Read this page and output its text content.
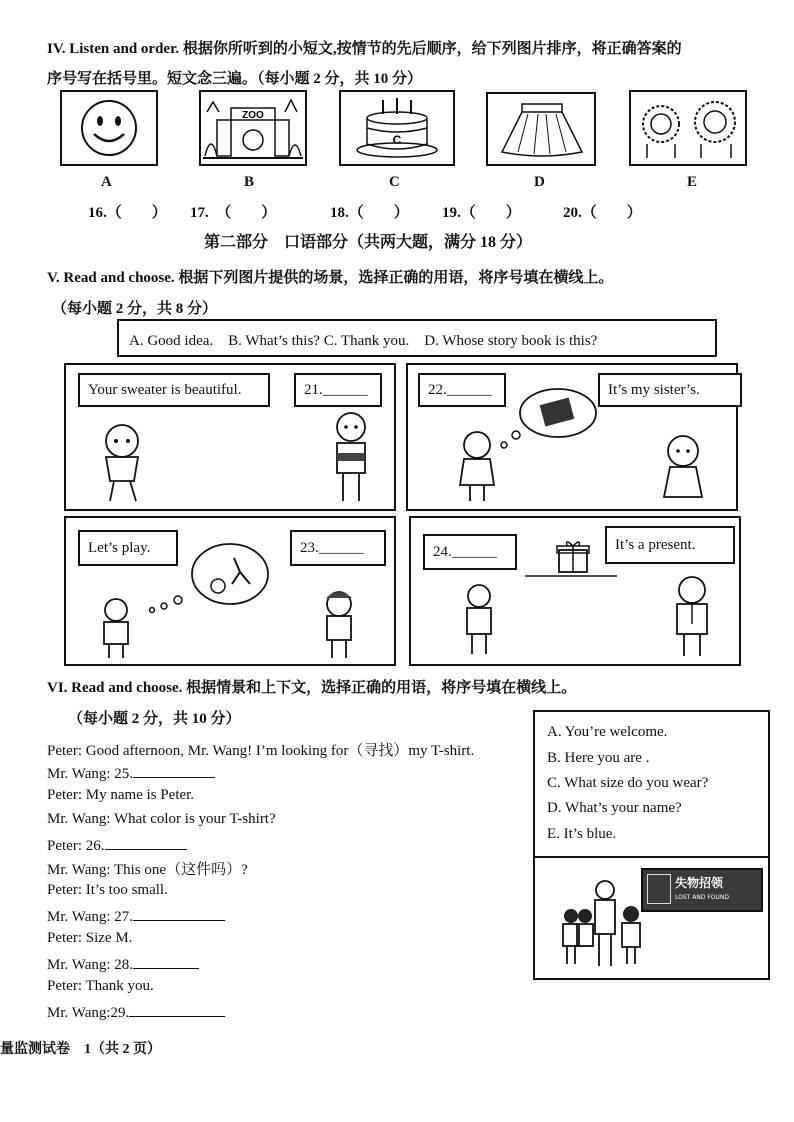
IV. Listen and order. 根据你所听到的小短文,按情节的先后顺序，给下列图片排序，将正确答案的
序号写在括号里。短文念三遍。（每小题 2 分，共 10 分）
ZOO
C
A	B	C	D	E
16.（　　） 17.　（　　）	18.（　　） 19.（　　）	20.（　　）
第二部分　口语部分（共两大题，满分 18 分）
V. Read and choose. 根据下列图片提供的场景，选择正确的用语，将序号填在横线上。
（每小题 2 分，共 8 分）
A. Good idea.　B. What’s this? C. Thank you.　D. Whose story book is this?
Your sweater is beautiful.	21.______	22.______	It’s my sister’s.
Let’s play.	23.______	24.______	It’s a present.
VI. Read and choose. 根据情景和上下文，选择正确的用语，将序号填在横线上。
（每小题 2 分，共 10 分）
Peter: Good afternoon, Mr. Wang! I’m looking for（寻找）my T-shirt.
Mr. Wang: 25.
Peter: My name is Peter.
Mr. Wang: What color is your T-shirt?
Peter: 26.
Mr. Wang: This one（这件吗）?
Peter: It’s too small.
Mr. Wang: 27.
Peter: Size M.
Mr. Wang: 28.
Peter: Thank you.
Mr. Wang:29.
A. You’re welcome.
B. Here you are .
C. What size do you wear?
D. What’s your name?
E. It’s blue.
失物招领
LOST AND FOUND
量监测试卷　1（共 2 页）
